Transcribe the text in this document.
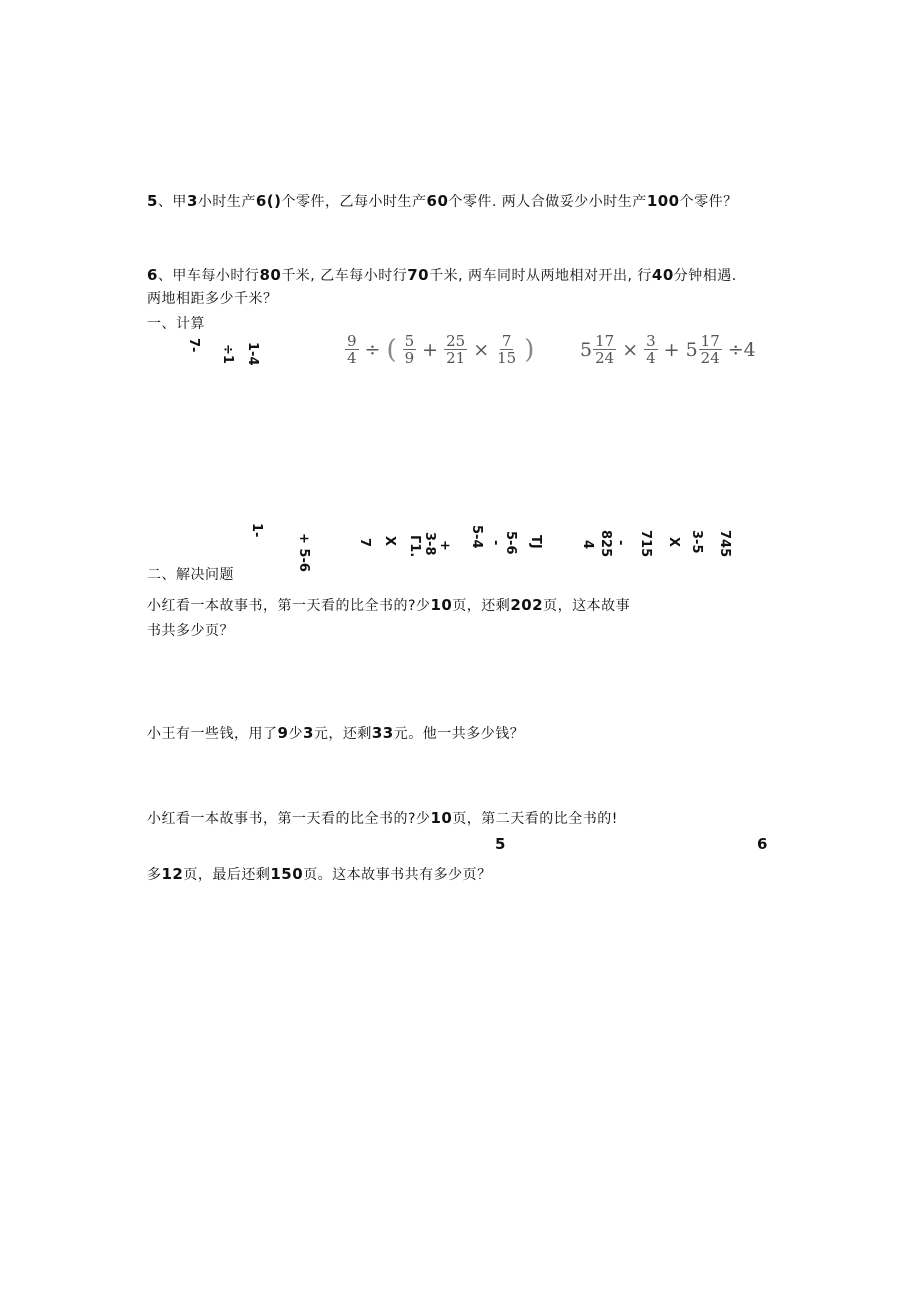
5、甲3小时生产6()个零件，乙每小时生产60个零件. 两人合做妥少小时生产100个零件？
6、甲车每小时行80千米, 乙车每小时行70千米, 两车同时从两地相对开出, 行40分钟相遇.
两地相距多少千米？
一、计算
7- ÷1 1-4	$\frac{9}{4}$ ÷ ( $\frac{5}{9} + \frac{25}{21} \times \frac{7}{15}$ ) $5 \frac{17}{24} \times \frac{3}{4} + 5 \frac{17}{24} \div 4$
1-
+ 5-6	7 X Γ1. 3-8 + 5-4 - 5-6 TJ	825
4 - 715 X 3-5 745
二、解决问题
小红看一本故事书，第一天看的比全书的?少10页，还剩202页，这本故事
书共多少页？
小王有一些钱，用了9少3元，还剩33元。他一共多少钱？
小红看一本故事书，第一天看的比全书的?少10页，第二天看的比全书的!
5	6
多12页，最后还剩150页。这本故事书共有多少页？
